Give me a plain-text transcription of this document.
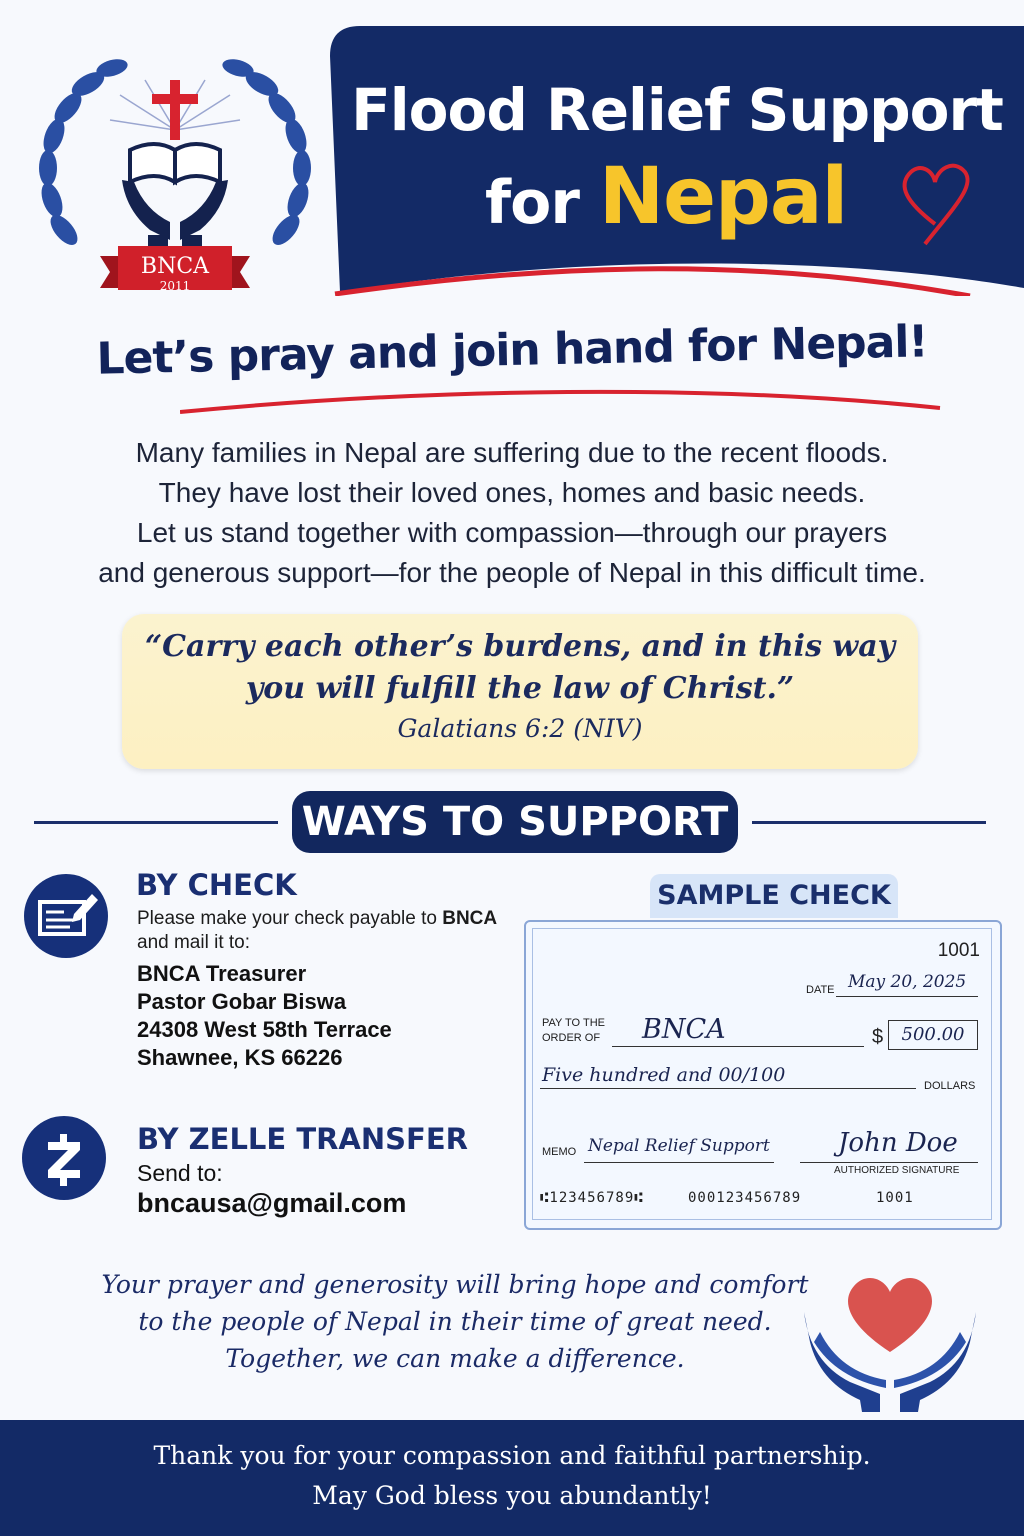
Flood Relief Support
for Nepal
BNCA
2011
Let’s pray and join hand for Nepal!
Many families in Nepal are suffering due to the recent floods.
They have lost their loved ones, homes and basic needs.
Let us stand together with compassion—through our prayers
and generous support—for the people of Nepal in this difficult time.
“Carry each other’s burdens, and in this way
you will fulfill the law of Christ.”
Galatians 6:2 (NIV)
WAYS TO SUPPORT
BY CHECK
Please make your check payable to BNCA
and mail it to:
BNCA Treasurer
Pastor Gobar Biswa
24308 West 58th Terrace
Shawnee, KS 66226
BY ZELLE TRANSFER
Send to:
bncausa@gmail.com
SAMPLE CHECK
1001
DATE May 20, 2025
PAY TO THE
ORDER OF BNCA	$	500.00
Five hundred and 00/100	DOLLARS
MEMO Nepal Relief Support	John Doe
AUTHORIZED SIGNATURE
⑆123456789⑆	000123456789	1001
Your prayer and generosity will bring hope and comfort
to the people of Nepal in their time of great need.
Together, we can make a difference.
Thank you for your compassion and faithful partnership.
May God bless you abundantly!
